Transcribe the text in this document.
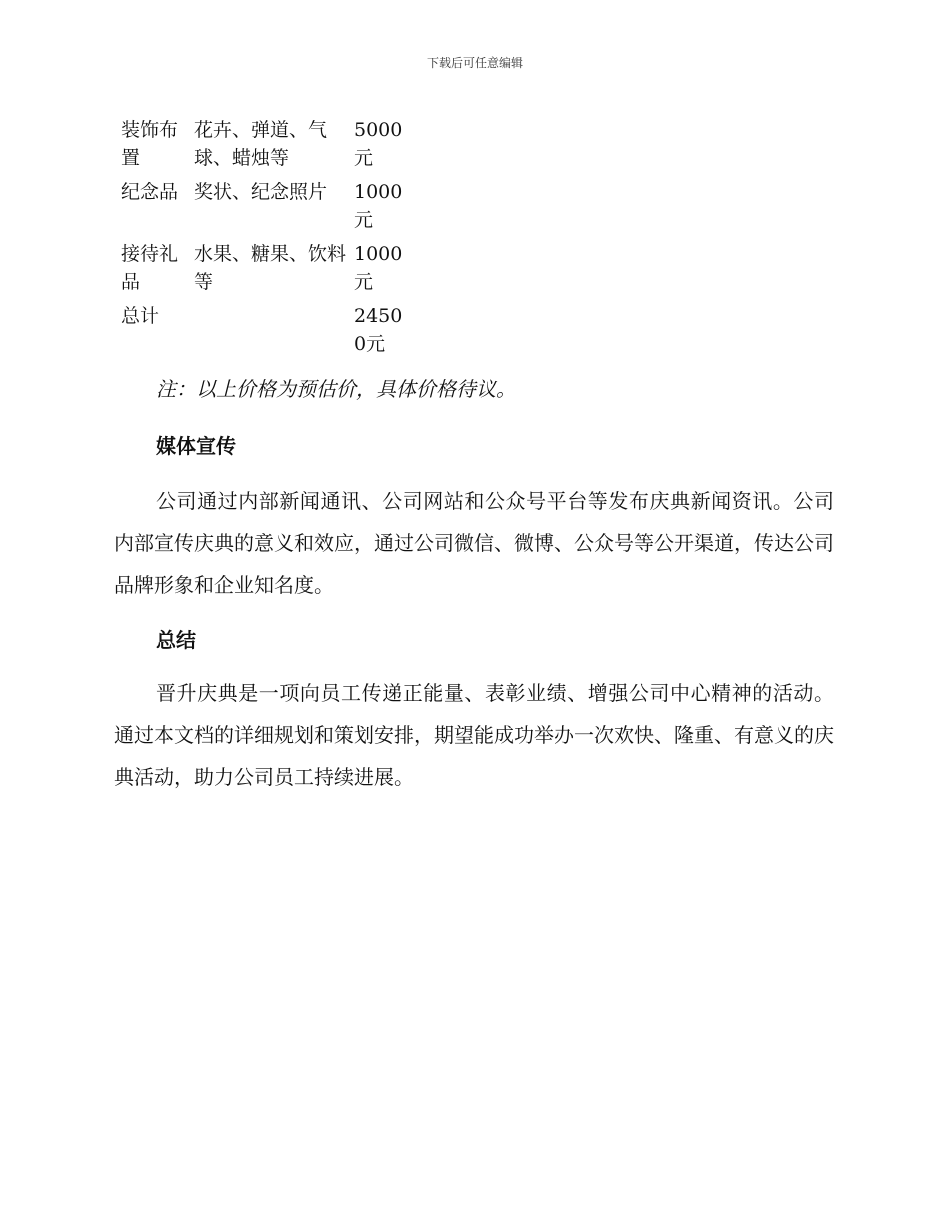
下载后可任意编辑
装饰布置	花卉、弹道、气球、蜡烛等	5000元

纪念品	奖状、纪念照片	1000元

接待礼品	水果、糖果、饮料等	1000元

总计		24500元
注：以上价格为预估价，具体价格待议。
媒体宣传

公司通过内部新闻通讯、公司网站和公众号平台等发布庆典新闻资讯。公司内部宣传庆典的意义和效应，通过公司微信、微博、公众号等公开渠道，传达公司品牌形象和企业知名度。

总结

晋升庆典是一项向员工传递正能量、表彰业绩、增强公司中心精神的活动。通过本文档的详细规划和策划安排，期望能成功举办一次欢快、隆重、有意义的庆典活动，助力公司员工持续进展。
